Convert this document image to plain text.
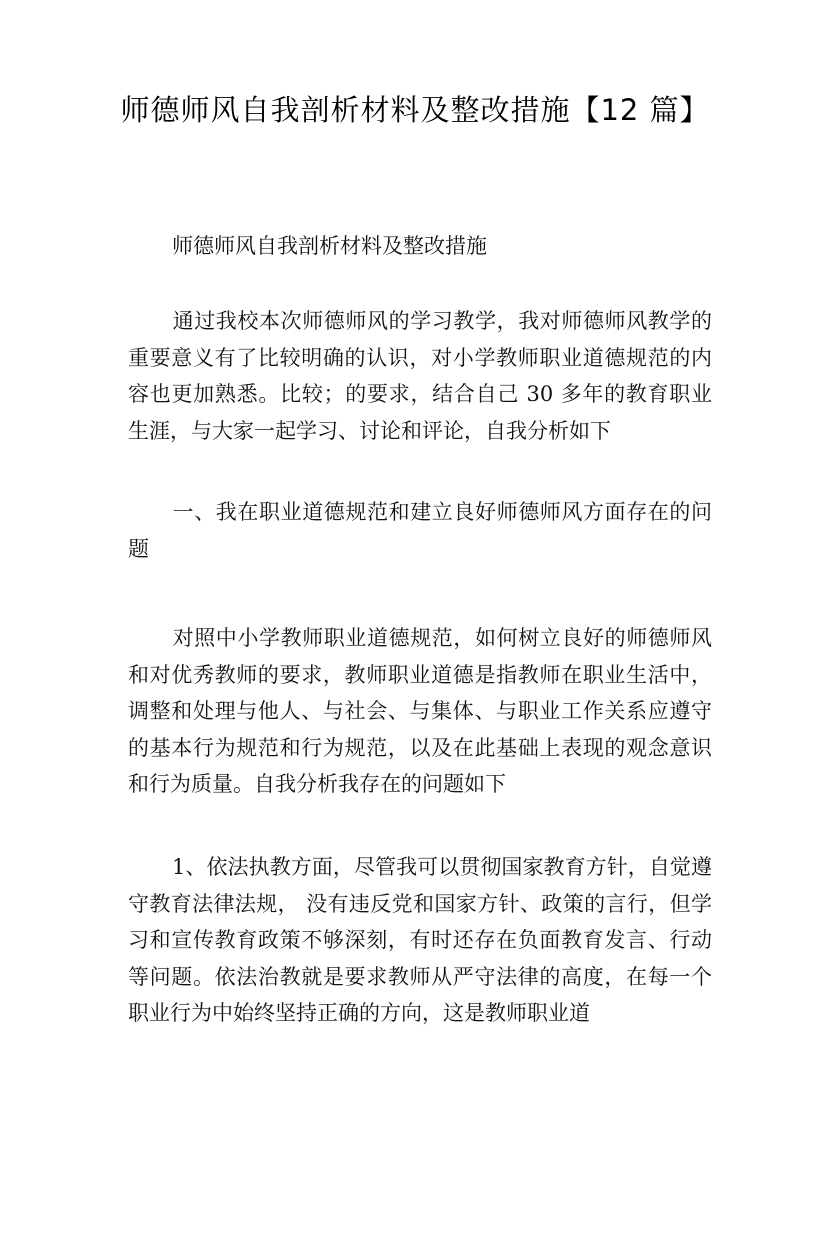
师德师风自我剖析材料及整改措施【12 篇】

师德师风自我剖析材料及整改措施

通过我校本次师德师风的学习教学，我对师德师风教学的重要意义有了比较明确的认识，对小学教师职业道德规范的内容也更加熟悉。比较；的要求，结合自己 30 多年的教育职业生涯，与大家一起学习、讨论和评论，自我分析如下

一、我在职业道德规范和建立良好师德师风方面存在的问题

对照中小学教师职业道德规范，如何树立良好的师德师风和对优秀教师的要求，教师职业道德是指教师在职业生活中，调整和处理与他人、与社会、与集体、与职业工作关系应遵守的基本行为规范和行为规范，以及在此基础上表现的观念意识和行为质量。自我分析我存在的问题如下

1、依法执教方面，尽管我可以贯彻国家教育方针，自觉遵守教育法律法规， 没有违反党和国家方针、政策的言行，但学习和宣传教育政策不够深刻，有时还存在负面教育发言、行动等问题。依法治教就是要求教师从严守法律的高度，在每一个职业行为中始终坚持正确的方向，这是教师职业道
